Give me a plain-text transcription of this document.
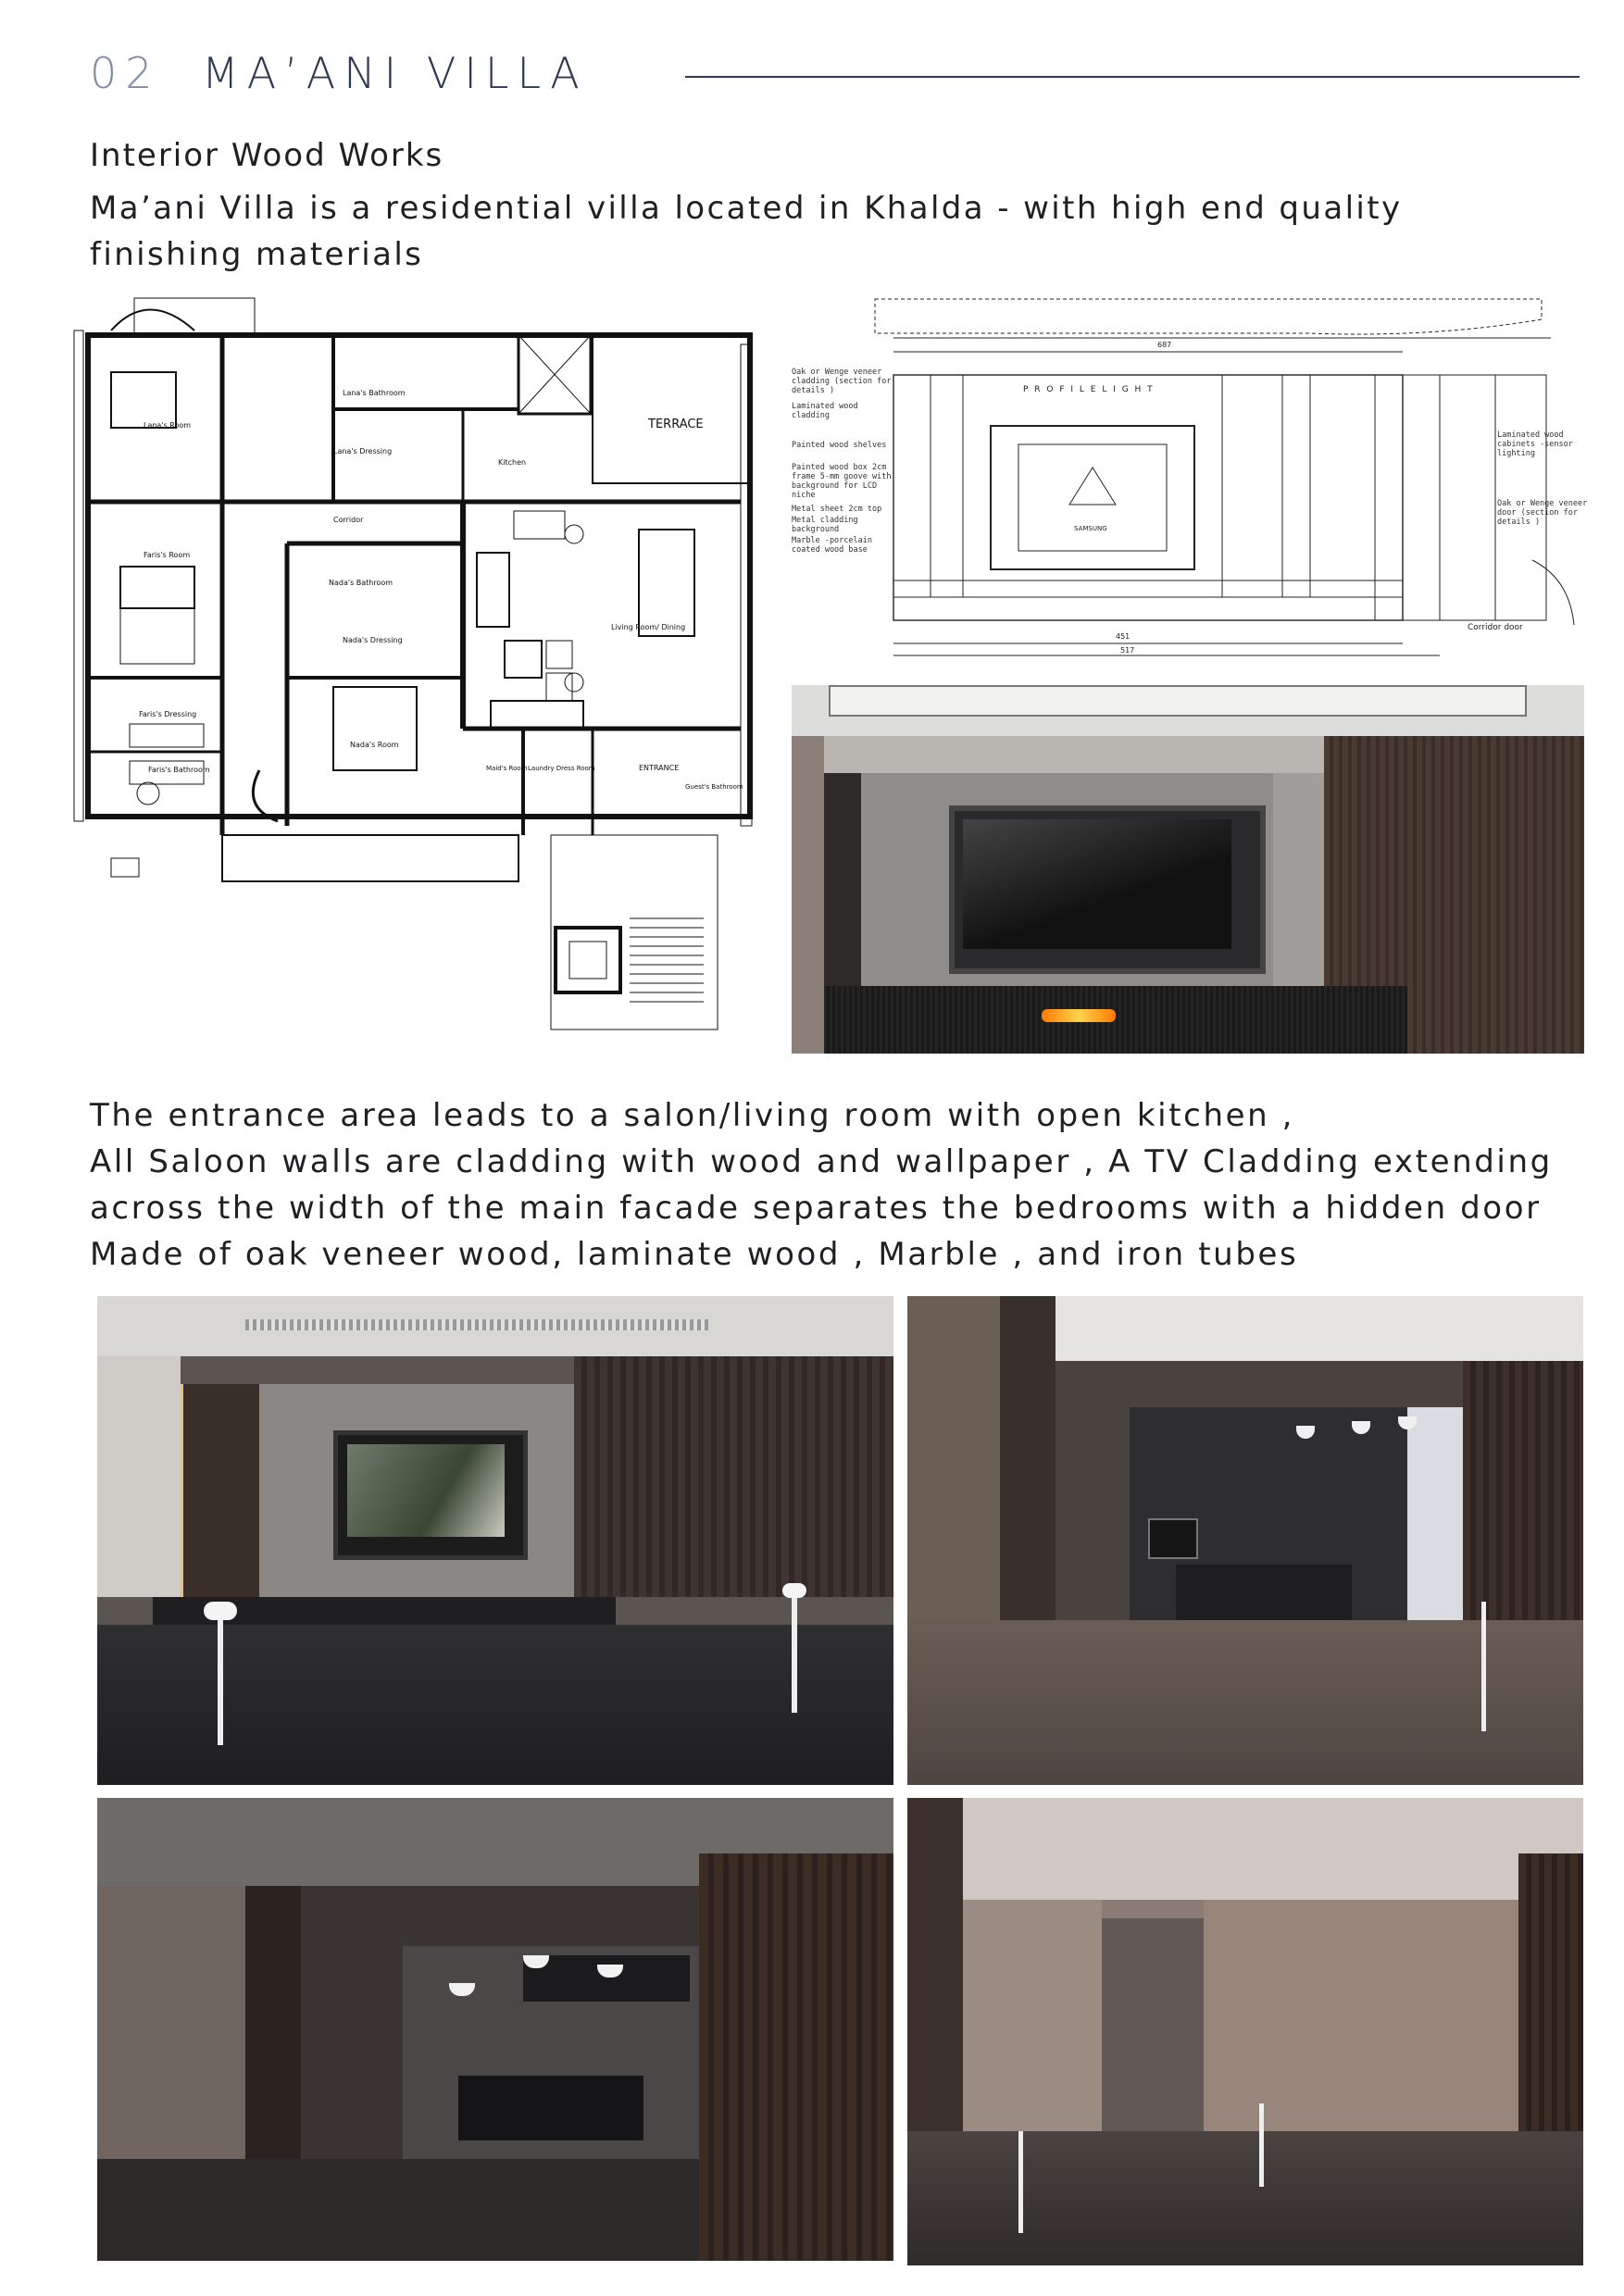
02 MA’ANI VILLA
Interior Wood Works
Ma’ani Villa is a residential villa located in Khalda - with high end quality
finishing materials
TERRACE
Lana's Bathroom
Lana's Room
Lana's Dressing
Kitchen
Corridor
Faris's Room
Nada's Bathroom
Nada's Dressing
Living Room/ Dining
Faris's Dressing
Faris's Bathroom
Nada's Room
Maid's Room Laundry Dress Room	ENTRANCE
Guest's Bathroom
687
P R O F I L E L I G H T
SAMSUNG
451
517
Corridor door
Oak or Wenge veneer cladding (section for details )
Laminated wood cladding
Painted wood shelves
Painted wood box 2cm frame 5-mm goove with background for LCD niche
Metal sheet 2cm top
Metal cladding background
Marble -porcelain coated wood base
Laminated wood cabinets -sensor lighting
Oak or Wenge veneer door (section for details )
The entrance area leads to a salon/living room with open kitchen ,
All Saloon walls are cladding with wood and wallpaper , A TV Cladding extending
across the width of the main facade separates the bedrooms with a hidden door
Made of oak veneer wood, laminate wood , Marble , and iron tubes
